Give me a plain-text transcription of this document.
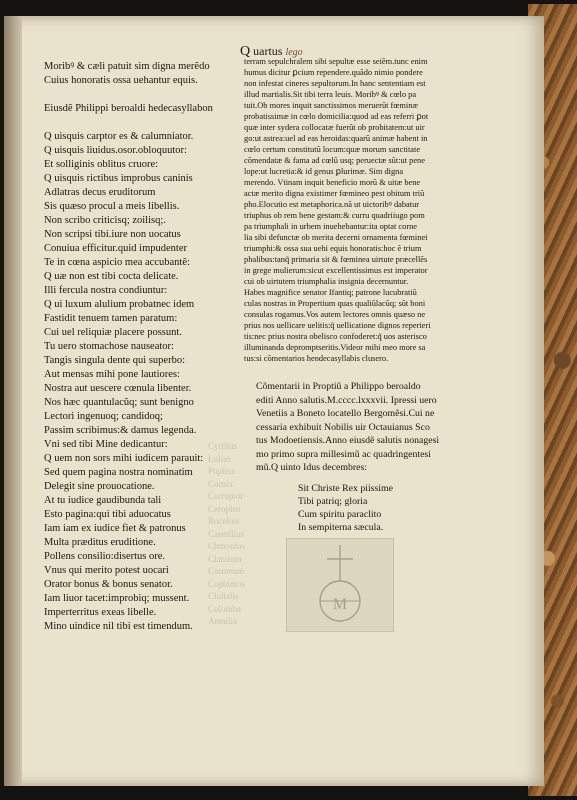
Cyrillus
Lulius
Puplius
Cornix
Corruptor
Ceropius
Rocelius
Casmilius
Chmonius
Clanitum
Cormeum
Cophimos
Cluitalis
Colomba
Aemilia
Q uartus lego
Moribꝰ & cæli patuit sim digna merẽdo
Cuius honoratis ossa uehantur equis.
Eiusdẽ Philippi beroaldi hedecasyllabon
Q uisquis carptor es & calumniator.
Q uisquis liuidus.osor.obloquutor:
Et solliginis oblitus cruore:
Q uisquis rictibus improbus caninis
Adlatras decus eruditorum
Sis quæso procul a meis libellis.
Non scribo criticisq; zoilisq;.
Non scripsi tibi.iure non uocatus
Conuiua efficitur.quid impudenter
Te in cœna aspicio mea accubantẽ:
Q uæ non est tibi cocta delicate.
Illi fercula nostra condiuntur:
Q ui luxum alulium probatnec idem
Fastidit tenuem tamen paratum:
Cui uel reliquiæ placere possunt.
Tu uero stomachose nauseator:
Tangis singula dente qui superbo:
Aut mensas mihi pone lautiores:
Nostra aut uescere cœnula libenter.
Nos hæc quantulacũq; sunt benigno
Lectori ingenuoq; candidoq;
Passim scribimus:& damus legenda.
Vni sed tibi Mine dedicantur:
Q uem non sors mihi iudicem parauit:
Sed quem pagina nostra nominatim
Delegit sine prouocatione.
At tu iudice gaudibunda tali
Esto pagina:qui tibi aduocatus
Iam iam ex iudice fiet & patronus
Multa præditus eruditione.
Pollens consilio:disertus ore.
Vnus qui merito potest uocari
Orator bonus & bonus senator.
Iam liuor tacet:improbiq; mussent.
Imperterritus exeas libelle.
Mino uindice nil tibi est timendum.
terram sepulchralem sibi sepultæ esse seiẽm.tunc enim
humus dicitur ꝑcium rependere.quãdo nimio pondere
non infestat cineres sepultorum.In hanc sententiam est
illud martialis.Sit tibi terra leuis. Moribꝰ & cœlo pa
tuit.Ob mores inquit sanctissimos meruerũt fœminæ
probatissimæ in cœlo domicilia:quod ad eas referri ꝑot
quæ inter sydera collocatæ fuerũt ob probitatem:ut uir
go:ut astrea:uel ad eas heroidas:quarũ animæ habent in
cœlo certum constitutũ locum:quæ morum sanctitate
cõmendatæ & fama ad cœlũ usq; peruectæ sũt:ut pene
lope:ut lucretia:& id genus ꝑlurimæ. Sim digna
merendo. Vtinam inquit beneficio morũ & uitæ bene
actæ merito digna existimer fœmineo pest obitum triũ
pho.Elocutio est metaphorica.nã ut uictoribꝰ dabatur
triuphus ob rem bene gestam:& curru quadriiugo pom
pa triumphali in urbem inuehebantur:ita optat corne
lia sibi defunctæ ob merita decerni ornamenta fœminei
triumphi:& ossa sua uehi equis honoratis:hoc ẽ trium
phalibus:tanq̃ primaria sit & fœminea uirtute præcellẽs
in grege mulierum:sicut excellentissimus est imperator
cui ob uirtutem triumphalia insignia decernuntur.
Habes magnifice senator Ifantiq; patrone lucubratiũ
culas nostras in Propertium quas qualiũlacũq; sũt boni
consulas rogamus.Vos autem lectores omnis quæso ne
prius nos uellicare uelitis:q̃ uellicatione dignos reperieri
tis:nec prius nostra obelisco confoderet:q̃ uos asterisco
illuminanda depromptseritis.Videor mihi meo more sa
tus:si cõmentarios hendecasyllabis clusero.
Cõmentarii in Proptiũ a Philippo beroaldo
editi Anno salutis.M.cccc.lxxxvii. Ipressi uero
Venetiis a Boneto locatello Bergomẽsi.Cui ne
cessaria exhibuit Nobilis uir Octauianus Sco
tus Modoetiensis.Anno eiusdẽ salutis nonagesi
mo primo supra millesimũ ac quadringentesi
mũ.Q uinto Idus decembres:
Sit Christe Rex piissime
Tibi patriq; gloria
Cum spiritu paraclito
In sempiterna sæcula.
M
